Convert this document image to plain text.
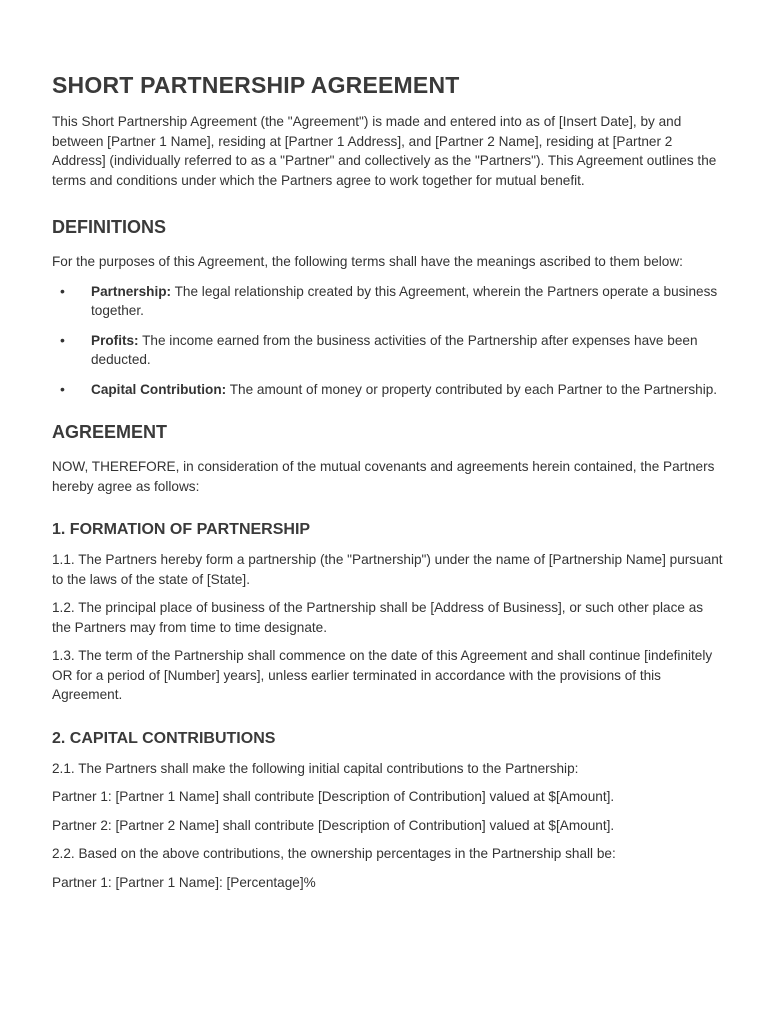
SHORT PARTNERSHIP AGREEMENT

This Short Partnership Agreement (the "Agreement") is made and entered into as of [Insert Date], by and between [Partner 1 Name], residing at [Partner 1 Address], and [Partner 2 Name], residing at [Partner 2 Address] (individually referred to as a "Partner" and collectively as the "Partners"). This Agreement outlines the terms and conditions under which the Partners agree to work together for mutual benefit.

DEFINITIONS

For the purposes of this Agreement, the following terms shall have the meanings ascribed to them below:

• Partnership: The legal relationship created by this Agreement, wherein the Partners operate a business together.
• Profits: The income earned from the business activities of the Partnership after expenses have been deducted.
• Capital Contribution: The amount of money or property contributed by each Partner to the Partnership.
AGREEMENT

NOW, THEREFORE, in consideration of the mutual covenants and agreements herein contained, the Partners hereby agree as follows:

1. FORMATION OF PARTNERSHIP

1.1. The Partners hereby form a partnership (the "Partnership") under the name of [Partnership Name] pursuant to the laws of the state of [State].

1.2. The principal place of business of the Partnership shall be [Address of Business], or such other place as the Partners may from time to time designate.

1.3. The term of the Partnership shall commence on the date of this Agreement and shall continue [indefinitely OR for a period of [Number] years], unless earlier terminated in accordance with the provisions of this Agreement.

2. CAPITAL CONTRIBUTIONS

2.1. The Partners shall make the following initial capital contributions to the Partnership:

Partner 1: [Partner 1 Name] shall contribute [Description of Contribution] valued at $[Amount].

Partner 2: [Partner 2 Name] shall contribute [Description of Contribution] valued at $[Amount].

2.2. Based on the above contributions, the ownership percentages in the Partnership shall be:

Partner 1: [Partner 1 Name]: [Percentage]%
